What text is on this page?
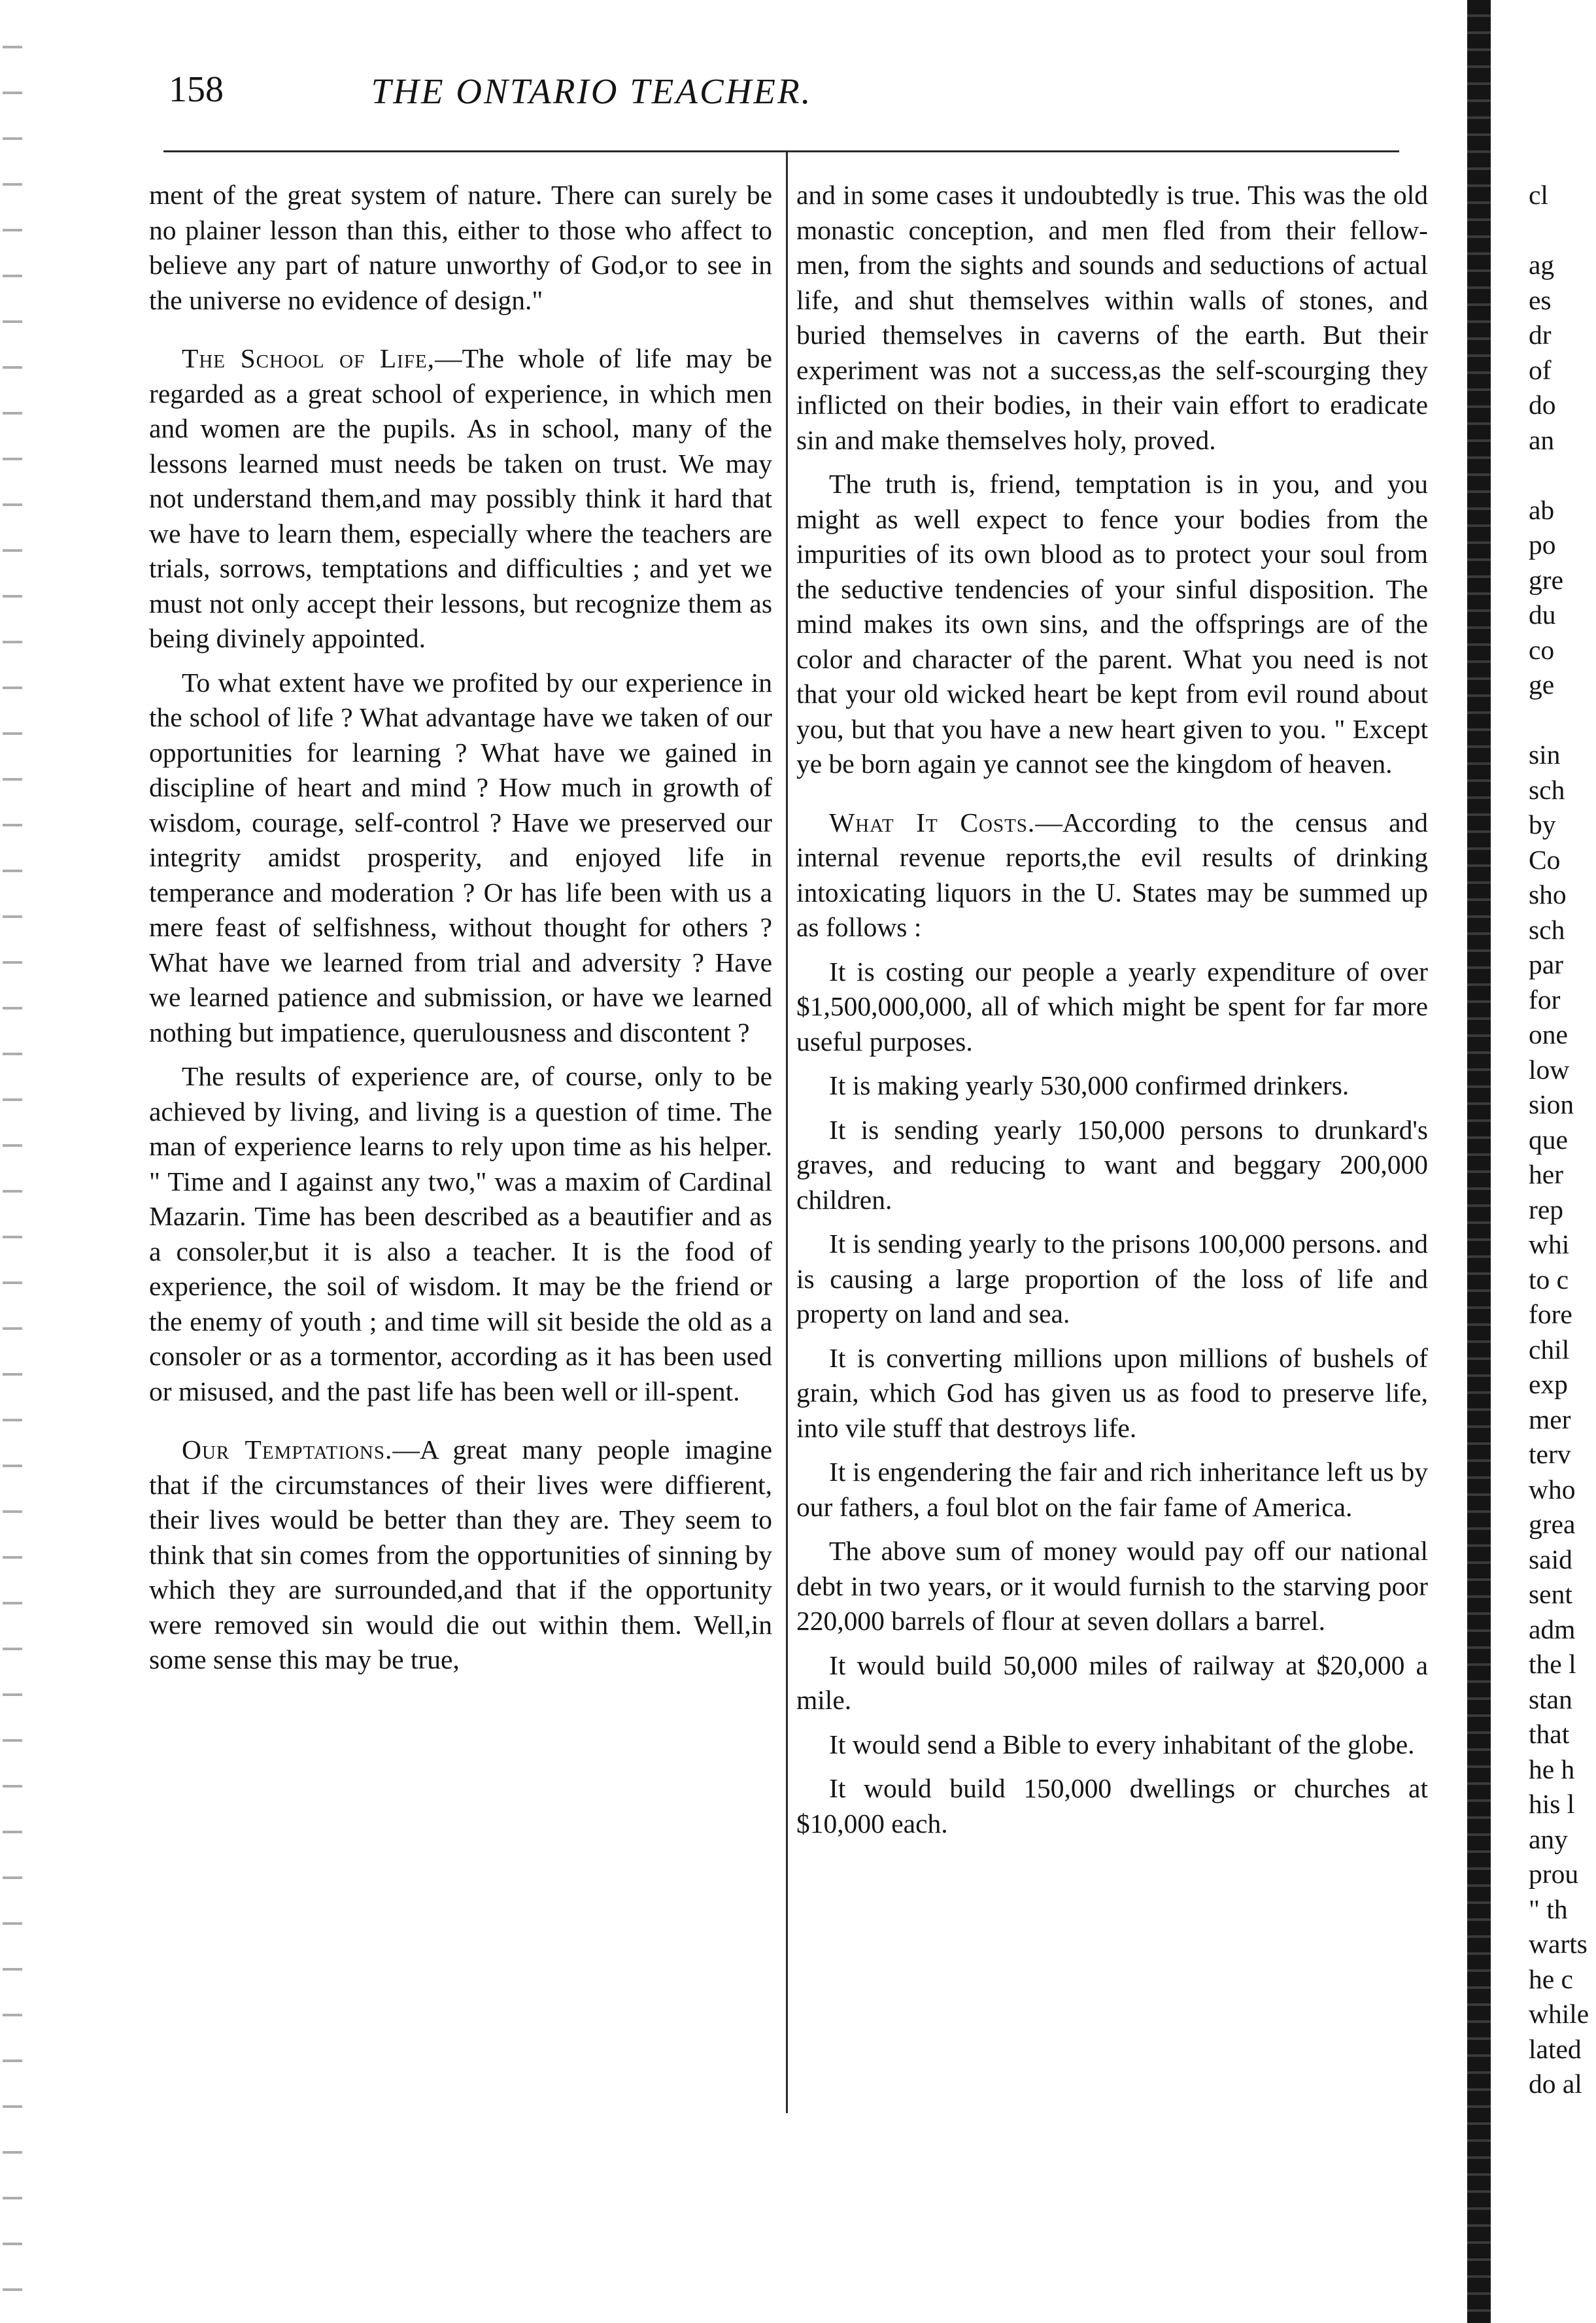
158	THE ONTARIO TEACHER.

ment of the great system of nature. There can surely be no plainer lesson than this, either to those who affect to believe any part of nature unworthy of God,or to see in the universe no evidence of design."

The School of Life,—The whole of life may be regarded as a great school of experience, in which men and women are the pupils. As in school, many of the lessons learned must needs be taken on trust. We may not understand them,and may possibly think it hard that we have to learn them, especially where the teachers are trials, sorrows, temptations and difficulties ; and yet we must not only accept their lessons, but recognize them as being divinely appointed.

To what extent have we profited by our experience in the school of life ? What advantage have we taken of our opportunities for learning ? What have we gained in discipline of heart and mind ? How much in growth of wisdom, courage, self-control ? Have we preserved our integrity amidst prosperity, and enjoyed life in temperance and moderation ? Or has life been with us a mere feast of selfishness, without thought for others ? What have we learned from trial and adversity ? Have we learned patience and submission, or have we learned nothing but impatience, querulousness and discontent ?

The results of experience are, of course, only to be achieved by living, and living is a question of time. The man of experience learns to rely upon time as his helper. " Time and I against any two," was a maxim of Cardinal Mazarin. Time has been described as a beautifier and as a consoler,but it is also a teacher. It is the food of experience, the soil of wisdom. It may be the friend or the enemy of youth ; and time will sit beside the old as a consoler or as a tormentor, according as it has been used or misused, and the past life has been well or ill-spent.

Our Temptations.—A great many people imagine that if the circumstances of their lives were diffierent, their lives would be better than they are. They seem to think that sin comes from the opportunities of sinning by which they are surrounded,and that if the opportunity were removed sin would die out within them. Well,in some sense this may be true,

and in some cases it undoubtedly is true. This was the old monastic conception, and men fled from their fellow-men, from the sights and sounds and seductions of actual life, and shut themselves within walls of stones, and buried themselves in caverns of the earth. But their experiment was not a success,as the self-scourging they inflicted on their bodies, in their vain effort to eradicate sin and make themselves holy, proved.

The truth is, friend, temptation is in you, and you might as well expect to fence your bodies from the impurities of its own blood as to protect your soul from the seductive tendencies of your sinful disposition. The mind makes its own sins, and the offsprings are of the color and character of the parent. What you need is not that your old wicked heart be kept from evil round about you, but that you have a new heart given to you. " Except ye be born again ye cannot see the kingdom of heaven.

What It Costs.—According to the census and internal revenue reports,the evil results of drinking intoxicating liquors in the U. States may be summed up as follows :

It is costing our people a yearly expenditure of over $1,500,000,000, all of which might be spent for far more useful purposes.

It is making yearly 530,000 confirmed drinkers.

It is sending yearly 150,000 persons to drunkard's graves, and reducing to want and beggary 200,000 children.

It is sending yearly to the prisons 100,000 persons. and is causing a large proportion of the loss of life and property on land and sea.

It is converting millions upon millions of bushels of grain, which God has given us as food to preserve life, into vile stuff that destroys life.

It is engendering the fair and rich inheritance left us by our fathers, a foul blot on the fair fame of America.

The above sum of money would pay off our national debt in two years, or it would furnish to the starving poor 220,000 barrels of flour at seven dollars a barrel.

It would build 50,000 miles of railway at $20,000 a mile.

It would send a Bible to every inhabitant of the globe.

It would build 150,000 dwellings or churches at $10,000 each.

cl
ag
es
dr
of
do
an
ab
po
gre
du
co
ge
sin
sch
by
Co
sho
sch
par
for
one
low
sion
que
her
rep
whi
to c
fore
chil
exp
mer
terv
who
grea
said
sent
adm
the l
stan
that
he h
his l
any
prou
" th
warts
he c
while
lated
do al
